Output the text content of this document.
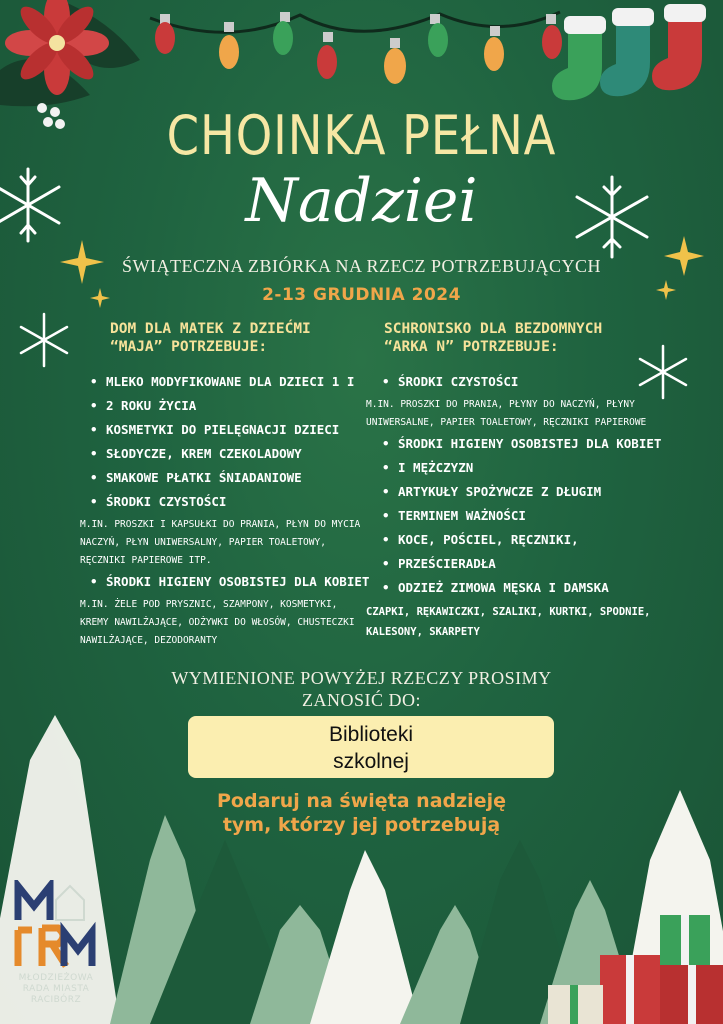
CHOINKA PEŁNA
Nadziei
ŚWIĄTECZNA ZBIÓRKA NA RZECZ POTRZEBUJĄCYCH
2-13 GRUDNIA 2024
DOM DLA MATEK Z DZIEĆMI
“MAJA” POTRZEBUJE:
• MLEKO MODYFIKOWANE DLA DZIECI 1 I
• 2 ROKU ŻYCIA
• KOSMETYKI DO PIELĘGNACJI DZIECI
• SŁODYCZE, KREM CZEKOLADOWY
• SMAKOWE PŁATKI ŚNIADANIOWE
• ŚRODKI CZYSTOŚCI
M.IN. PROSZKI I KAPSUŁKI DO PRANIA, PŁYN DO MYCIA
NACZYŃ, PŁYN UNIWERSALNY, PAPIER TOALETOWY,
RĘCZNIKI PAPIEROWE ITP.
• ŚRODKI HIGIENY OSOBISTEJ DLA KOBIET
M.IN. ŻELE POD PRYSZNIC, SZAMPONY, KOSMETYKI,
KREMY NAWILŻAJĄCE, ODŻYWKI DO WŁOSÓW, CHUSTECZKI
NAWILŻAJĄCE, DEZODORANTY
SCHRONISKO DLA BEZDOMNYCH
“ARKA N” POTRZEBUJE:
• ŚRODKI CZYSTOŚCI
M.IN. PROSZKI DO PRANIA, PŁYNY DO NACZYŃ, PŁYNY
UNIWERSALNE, PAPIER TOALETOWY, RĘCZNIKI PAPIEROWE
• ŚRODKI HIGIENY OSOBISTEJ DLA KOBIET
• I MĘŻCZYZN
• ARTYKUŁY SPOŻYWCZE Z DŁUGIM
• TERMINEM WAŻNOŚCI
• KOCE, POŚCIEL, RĘCZNIKI,
• PRZEŚCIERADŁA
• ODZIEŻ ZIMOWA MĘSKA I DAMSKA
CZAPKI, RĘKAWICZKI, SZALIKI, KURTKI, SPODNIE,
KALESONY, SKARPETY
WYMIENIONE POWYŻEJ RZECZY PROSIMY
ZANOSIĆ DO:
Biblioteki
szkolnej
Podaruj na święta nadzieję
tym, którzy jej potrzebują
MŁODZIEŻOWA
RADA MIASTA
RACIBÓRZ
